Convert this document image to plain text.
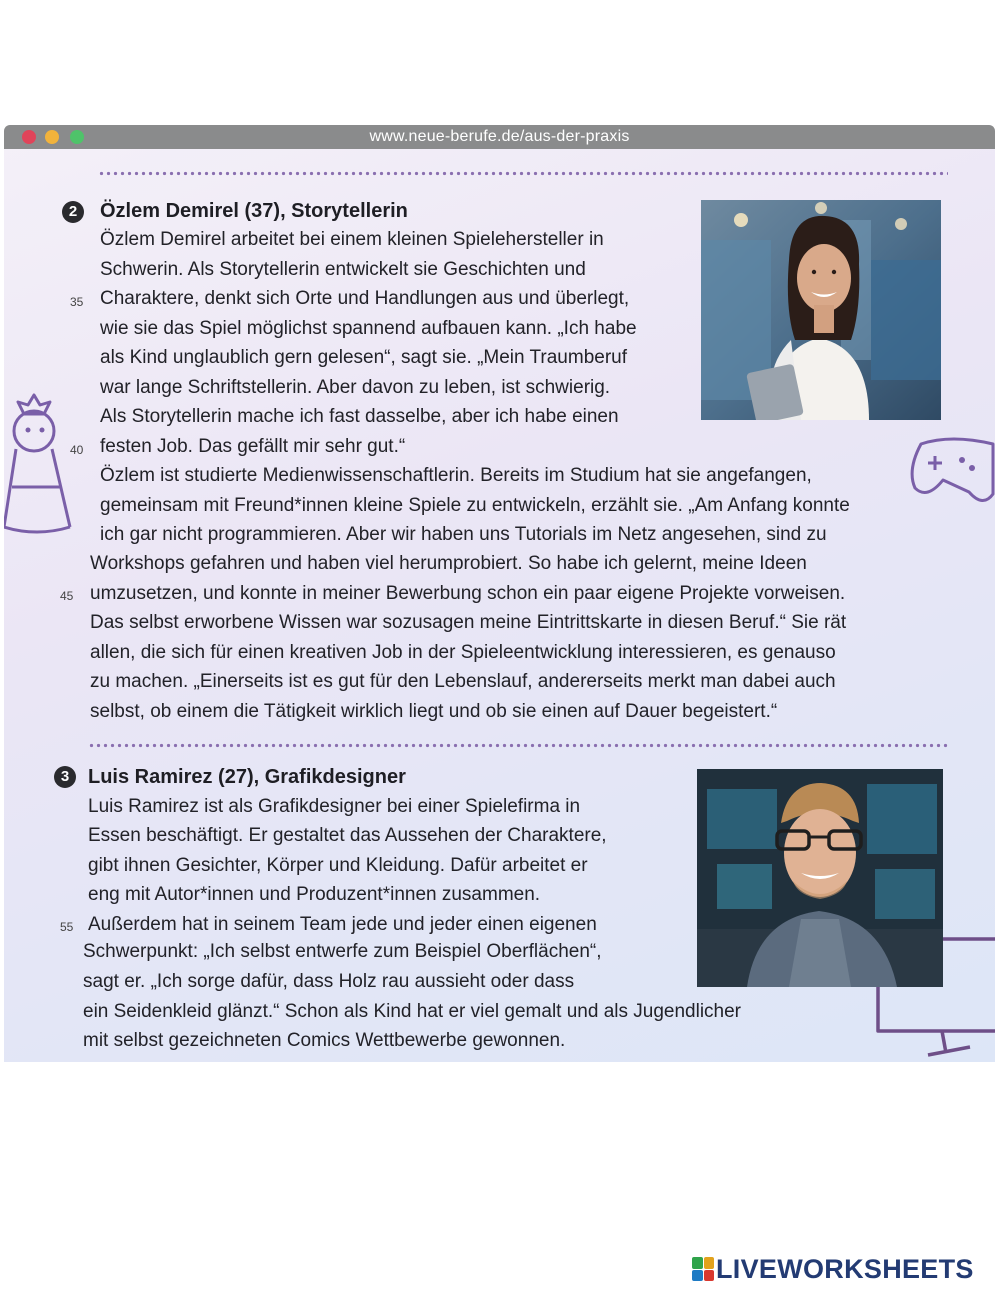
www.neue-berufe.de/aus-der-praxis
2	Özlem Demirel (37), Storytellerin
35
40
45
Özlem Demirel arbeitet bei einem kleinen Spielehersteller in
Schwerin. Als Storytellerin entwickelt sie Geschichten und
Charaktere, denkt sich Orte und Handlungen aus und überlegt,
wie sie das Spiel möglichst spannend aufbauen kann. „Ich habe
als Kind unglaublich gern gelesen“, sagt sie. „Mein Traumberuf
war lange Schriftstellerin. Aber davon zu leben, ist schwierig.
Als Storytellerin mache ich fast dasselbe, aber ich habe einen
festen Job. Das gefällt mir sehr gut.“
Özlem ist studierte Medienwissenschaftlerin. Bereits im Studium hat sie angefangen,
gemeinsam mit Freund*innen kleine Spiele zu entwickeln, erzählt sie. „Am Anfang konnte
ich gar nicht programmieren. Aber wir haben uns Tutorials im Netz angesehen, sind zu
Workshops gefahren und haben viel herumprobiert. So habe ich gelernt, meine Ideen
umzusetzen, und konnte in meiner Bewerbung schon ein paar eigene Projekte vorweisen.
Das selbst erworbene Wissen war sozusagen meine Eintrittskarte in diesen Beruf.“ Sie rät
allen, die sich für einen kreativen Job in der Spieleentwicklung interessieren, es genauso
zu machen. „Einerseits ist es gut für den Lebenslauf, andererseits merkt man dabei auch
selbst, ob einem die Tätigkeit wirklich liegt und ob sie einen auf Dauer begeistert.“
3 Luis Ramirez (27), Grafikdesigner
55
Luis Ramirez ist als Grafikdesigner bei einer Spielefirma in
Essen beschäftigt. Er gestaltet das Aussehen der Charaktere,
gibt ihnen Gesichter, Körper und Kleidung. Dafür arbeitet er
eng mit Autor*innen und Produzent*innen zusammen.
Außerdem hat in seinem Team jede und jeder einen eigenen
Schwerpunkt: „Ich selbst entwerfe zum Beispiel Oberflächen“,
sagt er. „Ich sorge dafür, dass Holz rau aussieht oder dass
ein Seidenkleid glänzt.“ Schon als Kind hat er viel gemalt und als Jugendlicher
mit selbst gezeichneten Comics Wettbewerbe gewonnen.
LIVEWORKSHEETS
